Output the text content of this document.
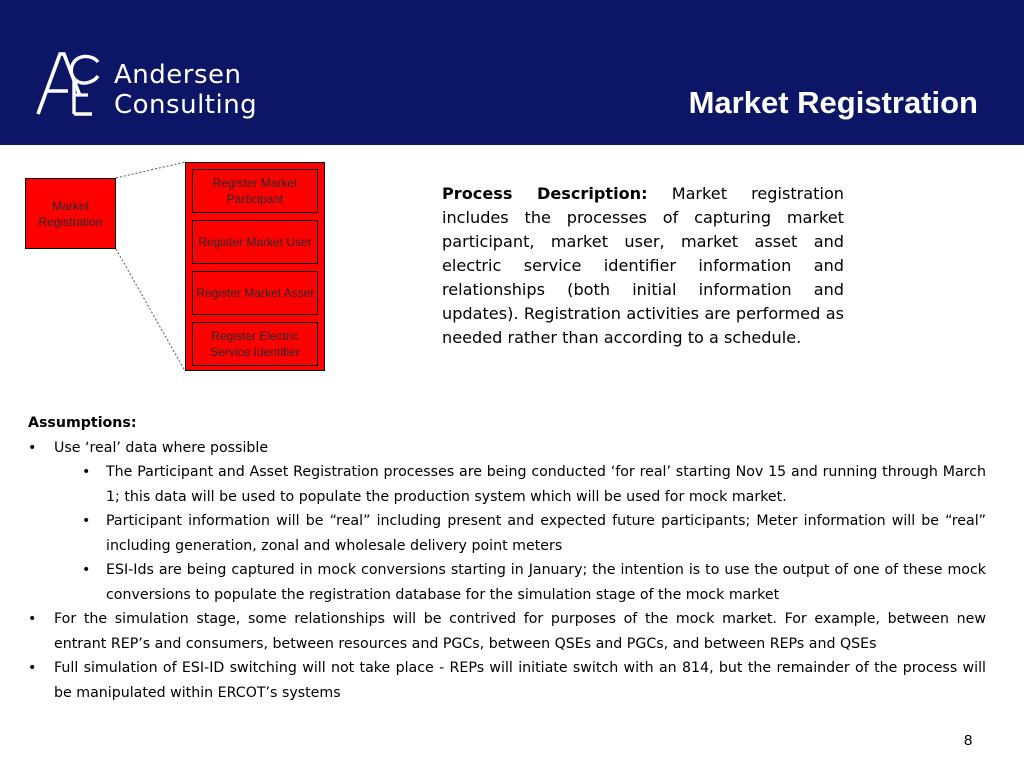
Andersen
Consulting	Market Registration
Market Registration
Register Market Participant
Register Market User
Register Market Asset
Register Electric Service Identifier
Process Description: Market registration includes the processes of capturing market participant, market user, market asset and electric service identifier information and relationships (both initial information and updates). Registration activities are performed as needed rather than according to a schedule.

Assumptions:

• Use ‘real’ data where possible

• The Participant and Asset Registration processes are being conducted ‘for real’ starting Nov 15 and running through March 1; this data will be used to populate the production system which will be used for mock market.

• Participant information will be “real” including present and expected future participants; Meter information will be “real” including generation, zonal and wholesale delivery point meters

• ESI-Ids are being captured in mock conversions starting in January; the intention is to use the output of one of these mock conversions to populate the registration database for the simulation stage of the mock market

• For the simulation stage, some relationships will be contrived for purposes of the mock market. For example, between new entrant REP’s and consumers, between resources and PGCs, between QSEs and PGCs, and between REPs and QSEs

• Full simulation of ESI-ID switching will not take place - REPs will initiate switch with an 814, but the remainder of the process will be manipulated within ERCOT’s systems

8
